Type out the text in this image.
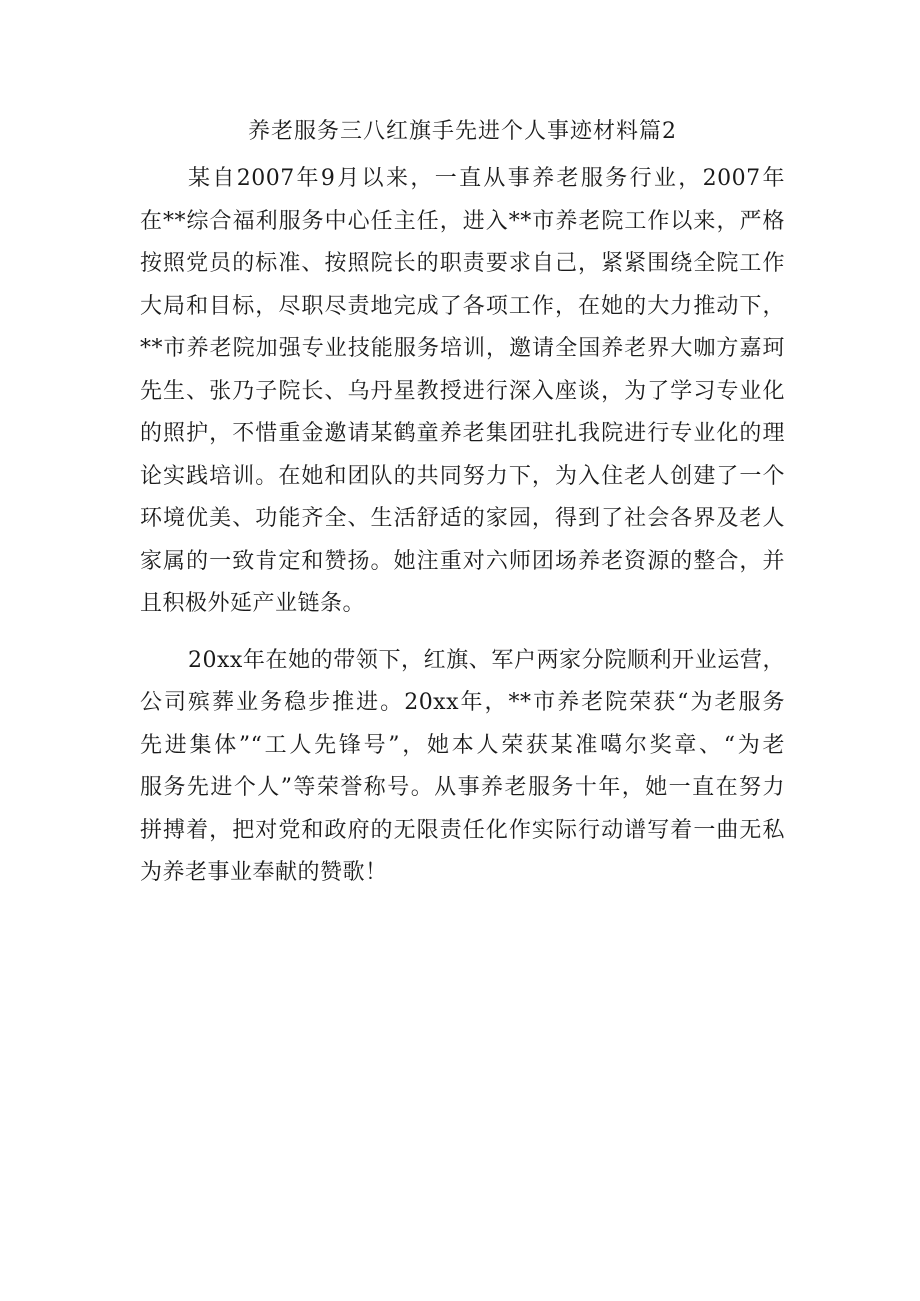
养老服务三八红旗手先进个人事迹材料篇2
某自2007年9月以来，一直从事养老服务行业，2007年
在**综合福利服务中心任主任，进入**市养老院工作以来，严格
按照党员的标准、按照院长的职责要求自己，紧紧围绕全院工作
大局和目标，尽职尽责地完成了各项工作，在她的大力推动下，
**市养老院加强专业技能服务培训，邀请全国养老界大咖方嘉珂
先生、张乃子院长、乌丹星教授进行深入座谈，为了学习专业化
的照护，不惜重金邀请某鹤童养老集团驻扎我院进行专业化的理
论实践培训。在她和团队的共同努力下，为入住老人创建了一个
环境优美、功能齐全、生活舒适的家园，得到了社会各界及老人
家属的一致肯定和赞扬。她注重对六师团场养老资源的整合，并
且积极外延产业链条。
20xx年在她的带领下，红旗、军户两家分院顺利开业运营，
公司殡葬业务稳步推进。20xx年，**市养老院荣获“为老服务
先进集体”“工人先锋号”，她本人荣获某准噶尔奖章、“为老
服务先进个人”等荣誉称号。从事养老服务十年，她一直在努力
拼搏着，把对党和政府的无限责任化作实际行动谱写着一曲无私
为养老事业奉献的赞歌！
